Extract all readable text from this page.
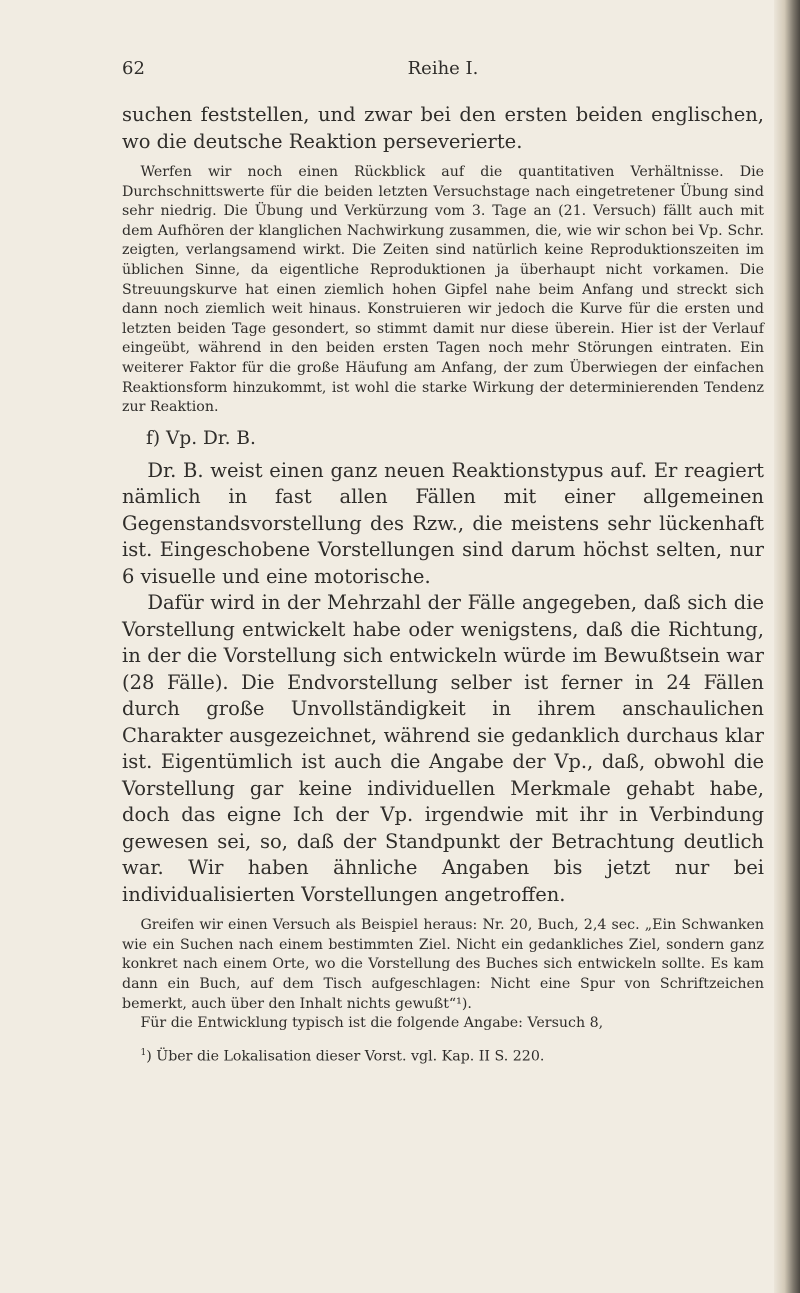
62	Reihe I.

suchen feststellen, und zwar bei den ersten beiden englischen, wo die deutsche Reaktion perseverierte.

Werfen wir noch einen Rückblick auf die quantitativen Verhältnisse. Die Durchschnittswerte für die beiden letzten Versuchstage nach eingetretener Übung sind sehr niedrig. Die Übung und Verkürzung vom 3. Tage an (21. Versuch) fällt auch mit dem Aufhören der klanglichen Nachwirkung zusammen, die, wie wir schon bei Vp. Schr. zeigten, verlangsamend wirkt. Die Zeiten sind natürlich keine Reproduktionszeiten im üblichen Sinne, da eigentliche Reproduktionen ja überhaupt nicht vorkamen. Die Streuungskurve hat einen ziemlich hohen Gipfel nahe beim Anfang und streckt sich dann noch ziemlich weit hinaus. Konstruieren wir jedoch die Kurve für die ersten und letzten beiden Tage gesondert, so stimmt damit nur diese überein. Hier ist der Verlauf eingeübt, während in den beiden ersten Tagen noch mehr Störungen eintraten. Ein weiterer Faktor für die große Häufung am Anfang, der zum Überwiegen der einfachen Reaktionsform hinzukommt, ist wohl die starke Wirkung der determinierenden Tendenz zur Reaktion.

f) Vp. Dr. B.

Dr. B. weist einen ganz neuen Reaktionstypus auf. Er reagiert nämlich in fast allen Fällen mit einer allgemeinen Gegenstandsvorstellung des Rzw., die meistens sehr lückenhaft ist. Eingeschobene Vorstellungen sind darum höchst selten, nur 6 visuelle und eine motorische.

Dafür wird in der Mehrzahl der Fälle angegeben, daß sich die Vorstellung entwickelt habe oder wenigstens, daß die Richtung, in der die Vorstellung sich entwickeln würde im Bewußtsein war (28 Fälle). Die Endvorstellung selber ist ferner in 24 Fällen durch große Unvollständigkeit in ihrem anschaulichen Charakter ausgezeichnet, während sie gedanklich durchaus klar ist. Eigentümlich ist auch die Angabe der Vp., daß, obwohl die Vorstellung gar keine individuellen Merkmale gehabt habe, doch das eigne Ich der Vp. irgendwie mit ihr in Verbindung gewesen sei, so, daß der Standpunkt der Betrachtung deutlich war. Wir haben ähnliche Angaben bis jetzt nur bei individualisierten Vorstellungen angetroffen.

Greifen wir einen Versuch als Beispiel heraus: Nr. 20, Buch, 2,4 sec. „Ein Schwanken wie ein Suchen nach einem bestimmten Ziel. Nicht ein gedankliches Ziel, sondern ganz konkret nach einem Orte, wo die Vorstellung des Buches sich entwickeln sollte. Es kam dann ein Buch, auf dem Tisch aufgeschlagen: Nicht eine Spur von Schriftzeichen bemerkt, auch über den Inhalt nichts gewußt“¹).

Für die Entwicklung typisch ist die folgende Angabe: Versuch 8,

$^1$) Über die Lokalisation dieser Vorst. vgl. Kap. II S. 220.
